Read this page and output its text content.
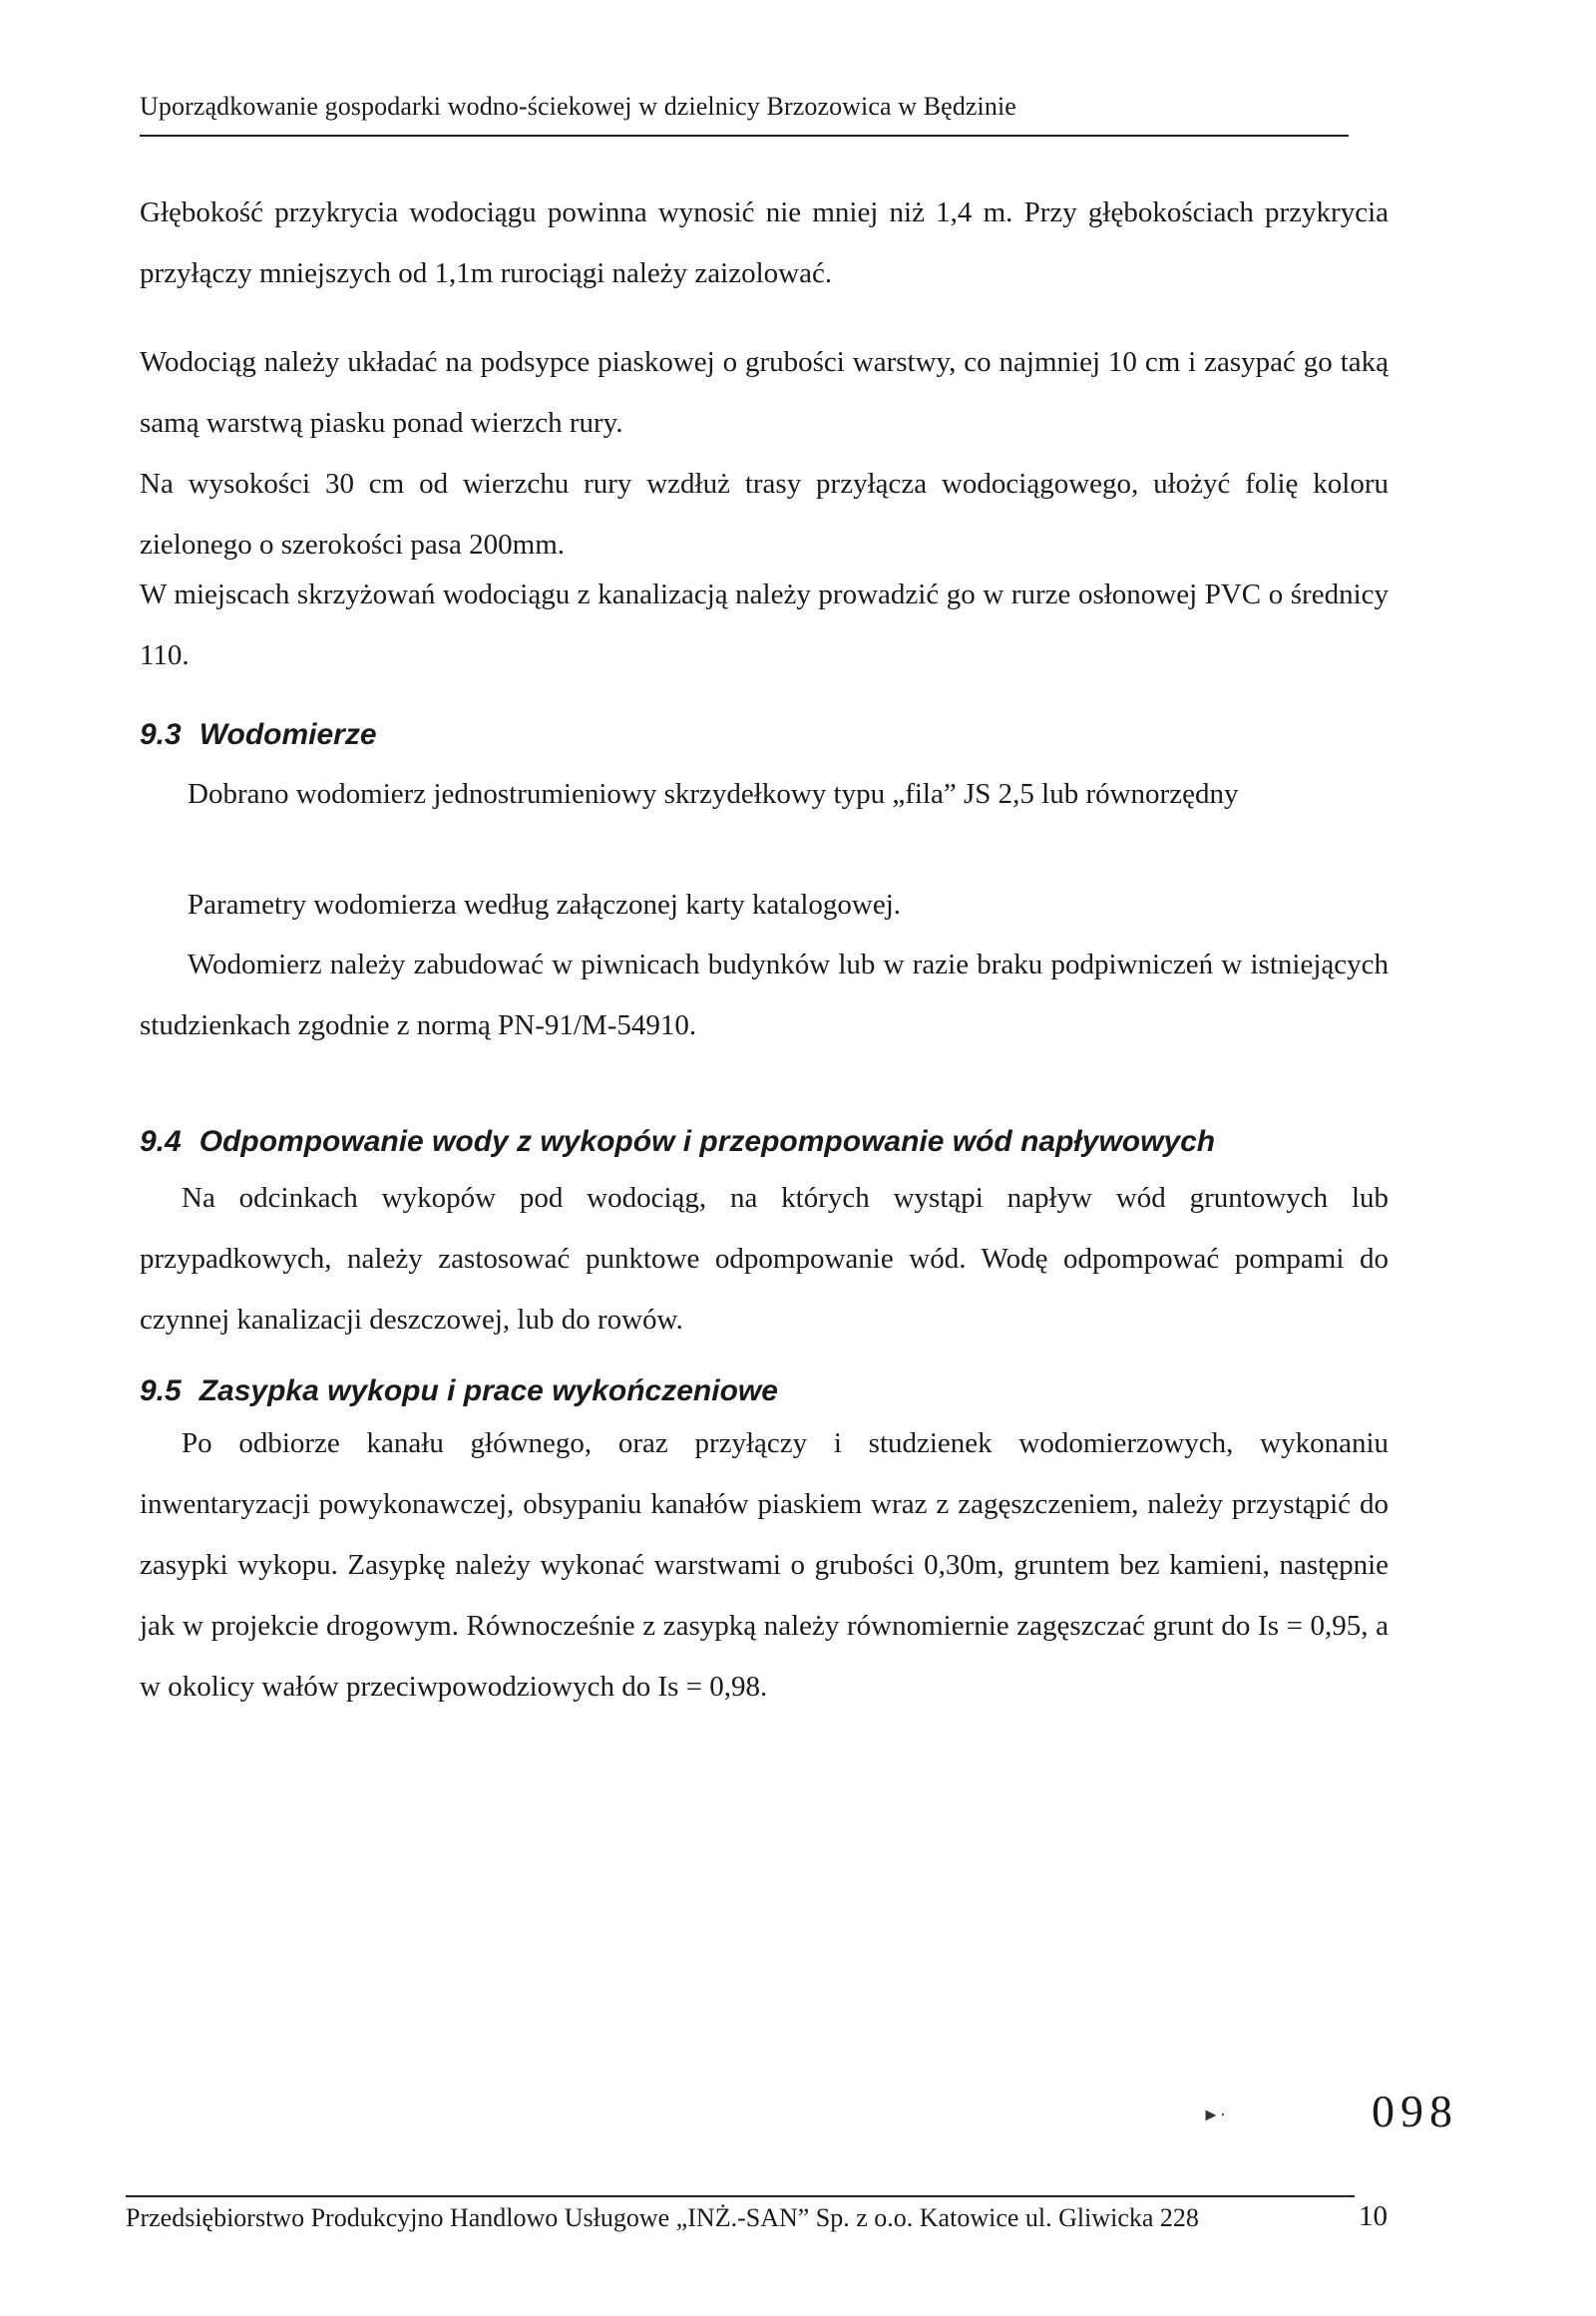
Uporządkowanie gospodarki wodno-ściekowej w dzielnicy Brzozowica w Będzinie

Głębokość przykrycia wodociągu powinna wynosić nie mniej niż 1,4 m. Przy głębokościach przykrycia przyłączy mniejszych od 1,1m rurociągi należy zaizolować.

Wodociąg należy układać na podsypce piaskowej o grubości warstwy, co najmniej 10 cm i zasypać go taką samą warstwą piasku ponad wierzch rury.

Na wysokości 30 cm od wierzchu rury wzdłuż trasy przyłącza wodociągowego, ułożyć folię koloru zielonego o szerokości pasa 200mm.

W miejscach skrzyżowań wodociągu z kanalizacją należy prowadzić go w rurze osłonowej PVC o średnicy 110.

9.3 Wodomierze

Dobrano wodomierz jednostrumieniowy skrzydełkowy typu „fila” JS 2,5 lub równorzędny

Parametry wodomierza według załączonej karty katalogowej.

Wodomierz należy zabudować w piwnicach budynków lub w razie braku podpiwniczeń w istniejących studzienkach zgodnie z normą PN-91/M-54910.

9.4 Odpompowanie wody z wykopów i przepompowanie wód napływowych

Na odcinkach wykopów pod wodociąg, na których wystąpi napływ wód gruntowych lub przypadkowych, należy zastosować punktowe odpompowanie wód. Wodę odpompować pompami do czynnej kanalizacji deszczowej, lub do rowów.

9.5 Zasypka wykopu i prace wykończeniowe

Po odbiorze kanału głównego, oraz przyłączy i studzienek wodomierzowych, wykonaniu inwentaryzacji powykonawczej, obsypaniu kanałów piaskiem wraz z zagęszczeniem, należy przystąpić do zasypki wykopu. Zasypkę należy wykonać warstwami o grubości 0,30m, gruntem bez kamieni, następnie jak w projekcie drogowym. Równocześnie z zasypką należy równomiernie zagęszczać grunt do Is = 0,95, a w okolicy wałów przeciwpowodziowych do Is = 0,98.

►·	098
Przedsiębiorstwo Produkcyjno Handlowo Usługowe „INŻ.-SAN” Sp. z o.o. Katowice ul. Gliwicka 228	10
